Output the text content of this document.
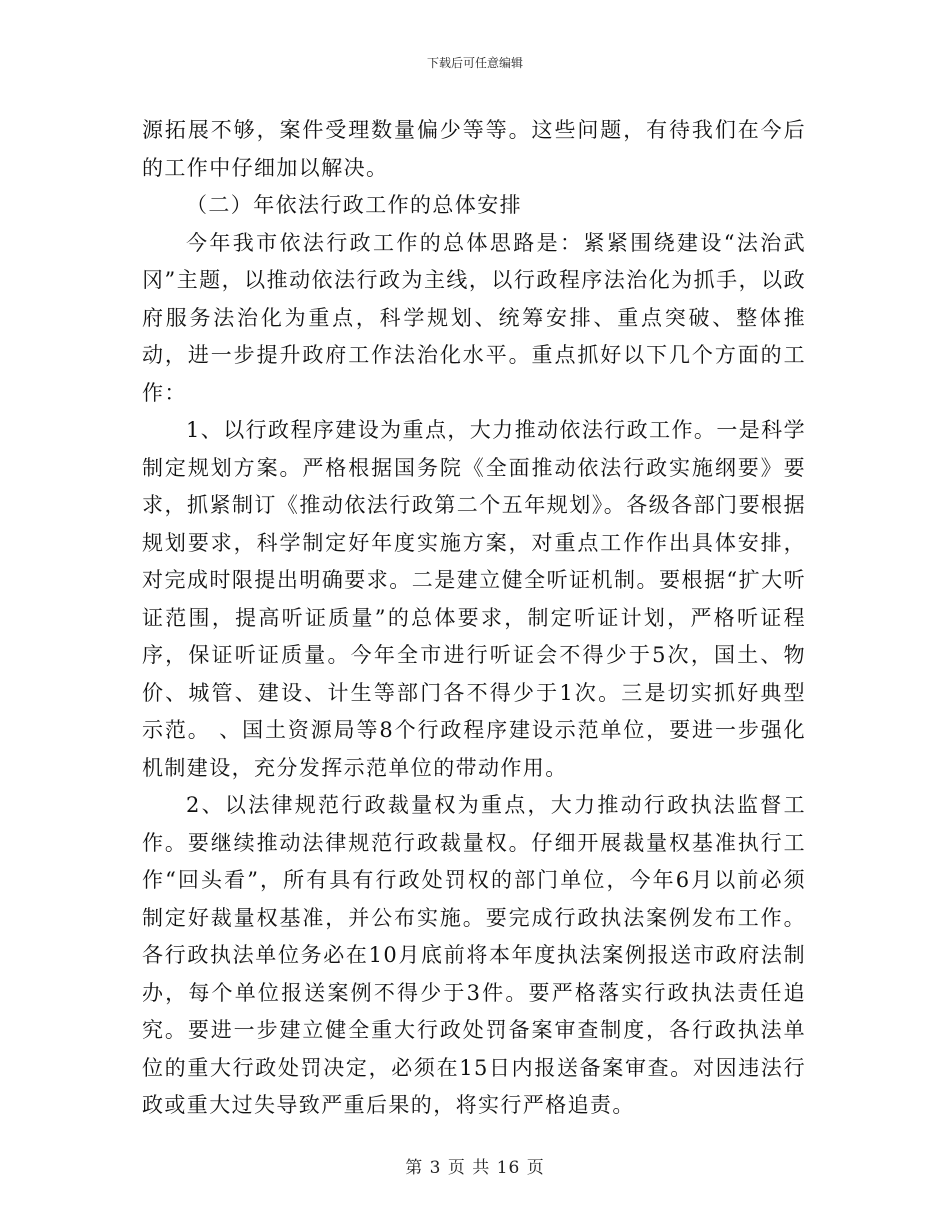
下载后可任意编辑

源拓展不够，案件受理数量偏少等等。这些问题，有待我们在今后的工作中仔细加以解决。

（二）年依法行政工作的总体安排

今年我市依法行政工作的总体思路是：紧紧围绕建设“法治武冈”主题，以推动依法行政为主线，以行政程序法治化为抓手，以政府服务法治化为重点，科学规划、统筹安排、重点突破、整体推动，进一步提升政府工作法治化水平。重点抓好以下几个方面的工作：

1、以行政程序建设为重点，大力推动依法行政工作。一是科学制定规划方案。严格根据国务院《全面推动依法行政实施纲要》要求，抓紧制订《推动依法行政第二个五年规划》。各级各部门要根据规划要求，科学制定好年度实施方案，对重点工作作出具体安排，对完成时限提出明确要求。二是建立健全听证机制。要根据“扩大听证范围，提高听证质量”的总体要求，制定听证计划，严格听证程序，保证听证质量。今年全市进行听证会不得少于5次，国土、物价、城管、建设、计生等部门各不得少于1次。三是切实抓好典型示范。 、国土资源局等8个行政程序建设示范单位，要进一步强化机制建设，充分发挥示范单位的带动作用。

2、以法律规范行政裁量权为重点，大力推动行政执法监督工作。要继续推动法律规范行政裁量权。仔细开展裁量权基准执行工作“回头看”，所有具有行政处罚权的部门单位，今年6月以前必须制定好裁量权基准，并公布实施。要完成行政执法案例发布工作。各行政执法单位务必在10月底前将本年度执法案例报送市政府法制办，每个单位报送案例不得少于3件。要严格落实行政执法责任追究。要进一步建立健全重大行政处罚备案审查制度，各行政执法单位的重大行政处罚决定，必须在15日内报送备案审查。对因违法行政或重大过失导致严重后果的，将实行严格追责。

第 3 页 共 16 页
